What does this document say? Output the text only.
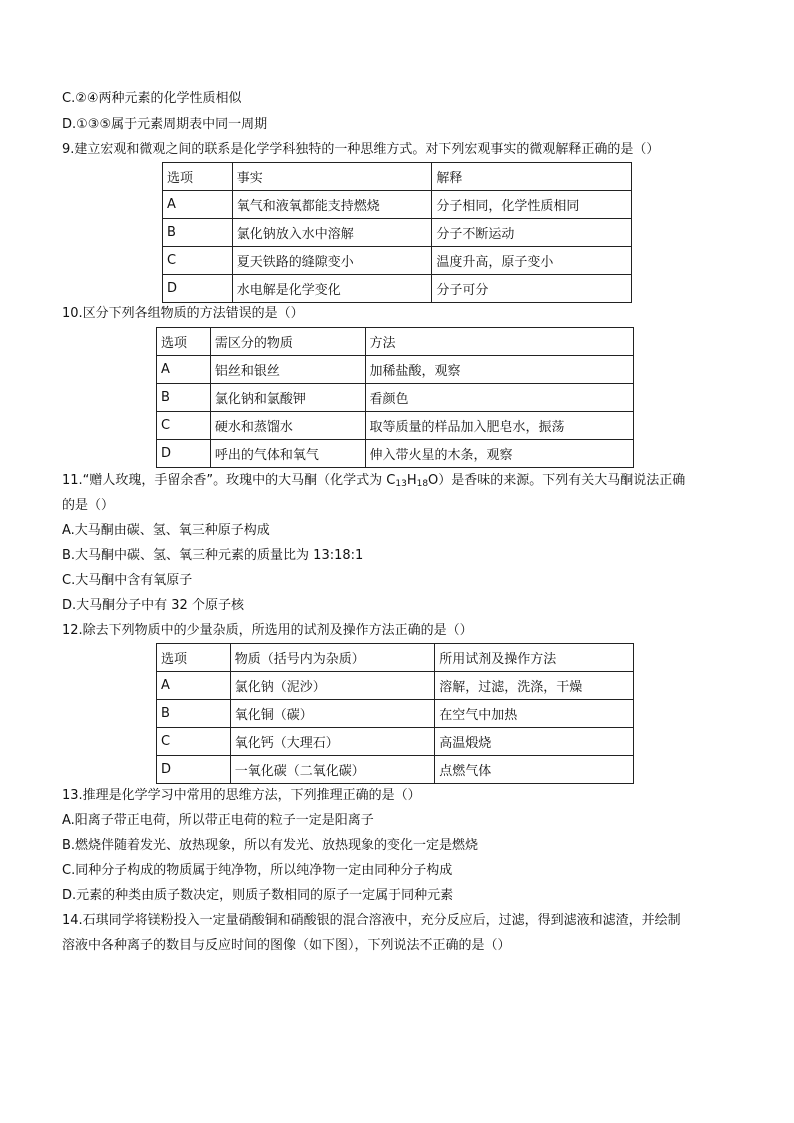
C.②④两种元素的化学性质相似
D.①③⑤属于元素周期表中同一周期
9.建立宏观和微观之间的联系是化学学科独特的一种思维方式。对下列宏观事实的微观解释正确的是（）
选项	事实	解释
A	氧气和液氧都能支持燃烧	分子相同，化学性质相同
B	氯化钠放入水中溶解	分子不断运动
C	夏天铁路的缝隙变小	温度升高，原子变小
D	水电解是化学变化	分子可分
10.区分下列各组物质的方法错误的是（）
选项	需区分的物质	方法
A	铝丝和银丝	加稀盐酸，观察
B	氯化钠和氯酸钾	看颜色
C	硬水和蒸馏水	取等质量的样品加入肥皂水，振荡
D	呼出的气体和氧气	伸入带火星的木条，观察
11.“赠人玫瑰，手留余香”。玫瑰中的大马酮（化学式为 $C_{13}H_{18}O$）是香味的来源。下列有关大马酮说法正确
的是（）
A.大马酮由碳、氢、氧三种原子构成
B.大马酮中碳、氢、氧三种元素的质量比为 13:18:1
C.大马酮中含有氧原子
D.大马酮分子中有 32 个原子核
12.除去下列物质中的少量杂质，所选用的试剂及操作方法正确的是（）
选项	物质（括号内为杂质）	所用试剂及操作方法
A	氯化钠（泥沙）	溶解，过滤，洗涤，干燥
B	氧化铜（碳）	在空气中加热
C	氧化钙（大理石）	高温煅烧
D	一氧化碳（二氧化碳）	点燃气体
13.推理是化学学习中常用的思维方法，下列推理正确的是（）
A.阳离子带正电荷，所以带正电荷的粒子一定是阳离子
B.燃烧伴随着发光、放热现象，所以有发光、放热现象的变化一定是燃烧
C.同种分子构成的物质属于纯净物，所以纯净物一定由同种分子构成
D.元素的种类由质子数决定，则质子数相同的原子一定属于同种元素
14.石琪同学将镁粉投入一定量硝酸铜和硝酸银的混合溶液中，充分反应后，过滤，得到滤液和滤渣，并绘制
溶液中各种离子的数目与反应时间的图像（如下图），下列说法不正确的是（）
